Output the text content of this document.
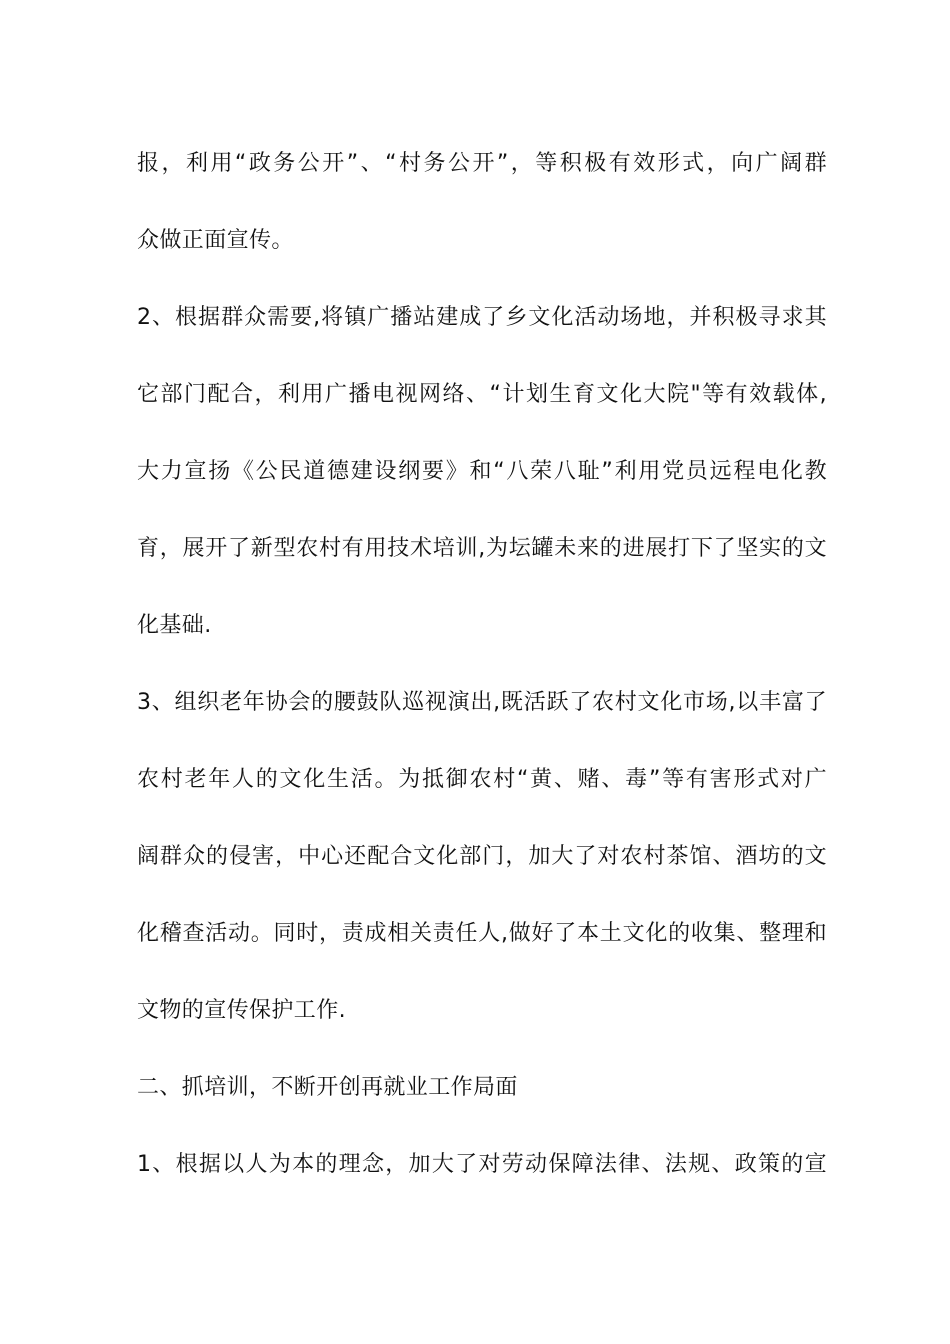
报，利用“政务公开”、“村务公开”，等积极有效形式，向广阔群
众做正面宣传。
2、根据群众需要,将镇广播站建成了乡文化活动场地，并积极寻求其
它部门配合，利用广播电视网络、“计划生育文化大院"等有效载体,
大力宣扬《公民道德建设纲要》和“八荣八耻”利用党员远程电化教
育，展开了新型农村有用技术培训,为坛罐未来的进展打下了坚实的文
化基础.
3、组织老年协会的腰鼓队巡视演出,既活跃了农村文化市场,以丰富了
农村老年人的文化生活。为抵御农村“黄、赌、毒”等有害形式对广
阔群众的侵害，中心还配合文化部门，加大了对农村茶馆、酒坊的文
化稽查活动。同时，责成相关责任人,做好了本土文化的收集、整理和
文物的宣传保护工作.
二、抓培训，不断开创再就业工作局面
1、根据以人为本的理念，加大了对劳动保障法律、法规、政策的宣
